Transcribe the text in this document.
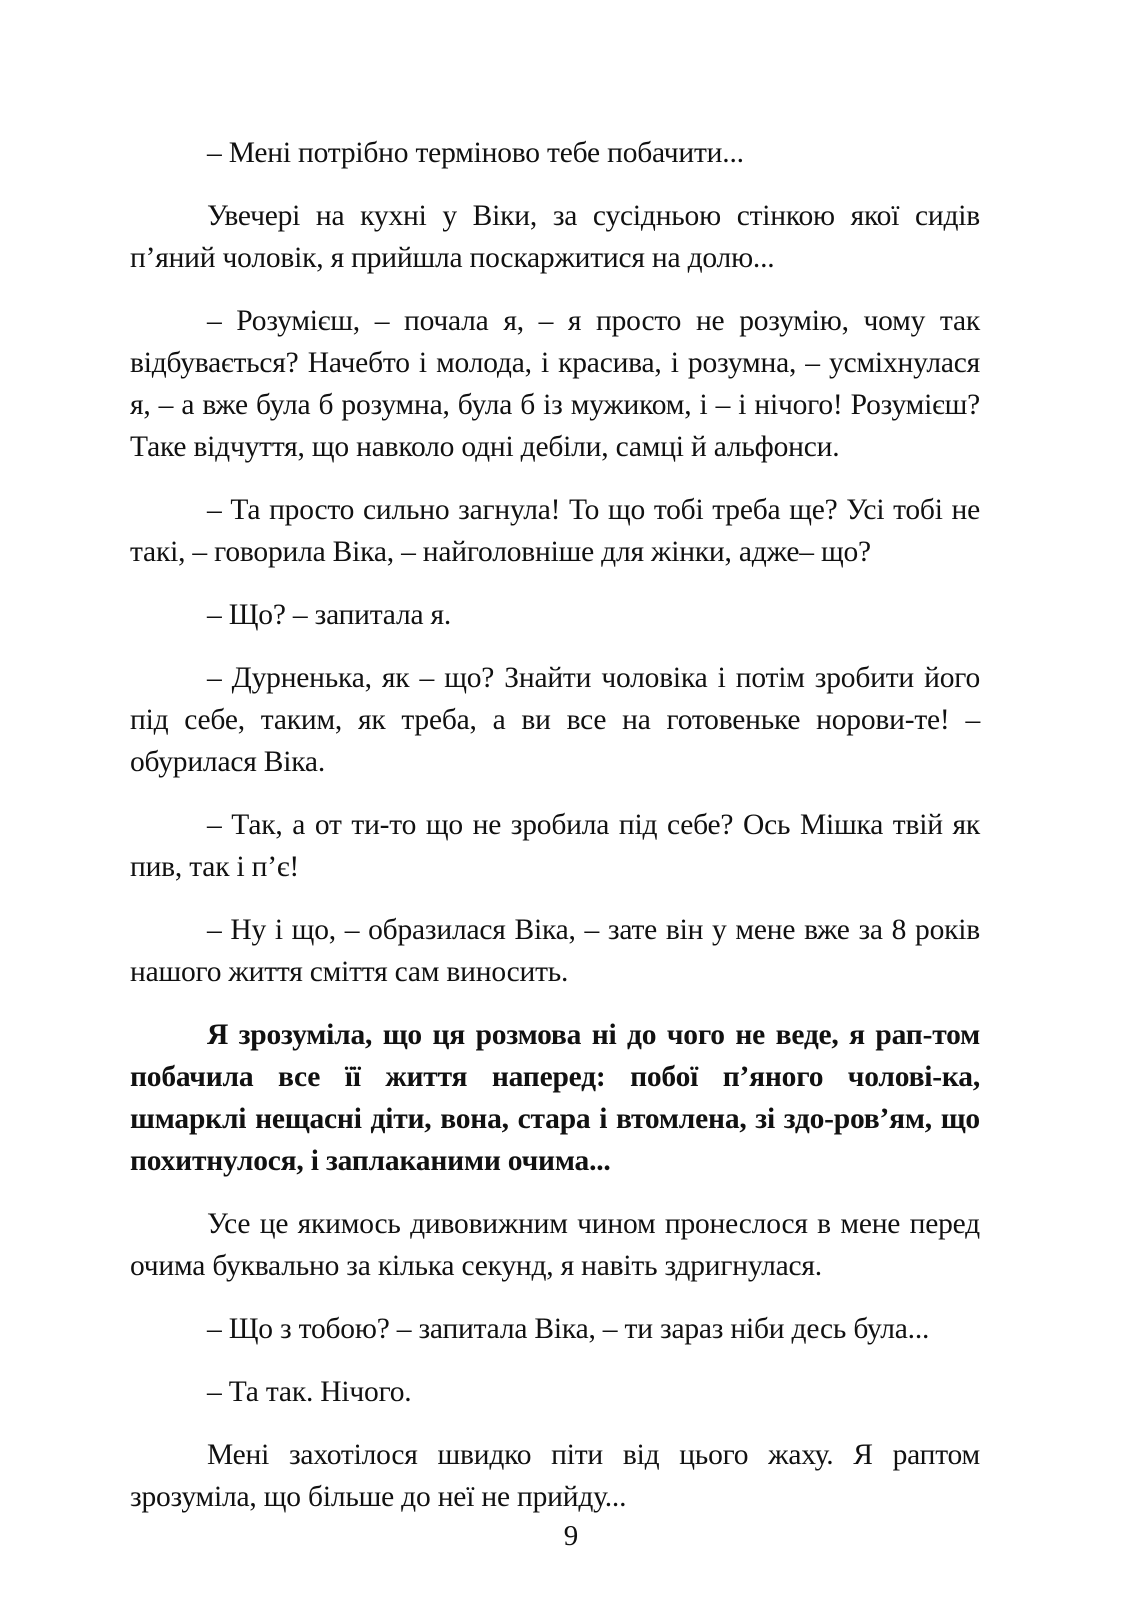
– Мені потрібно терміново тебе побачити...

Увечері на кухні у Віки, за сусідньою стінкою якої сидів п’яний чоловік, я прийшла поскаржитися на долю...

– Розумієш, – почала я, – я просто не розумію, чому так відбувається? Начебто і молода, і красива, і розумна, – усміхнулася я, – а вже була б розумна, була б із мужиком, і – і нічого! Розумієш? Таке відчуття, що навколо одні дебіли, самці й альфонси.

– Та просто сильно загнула! То що тобі треба ще? Усі тобі не такі, – говорила Віка, – найголовніше для жінки, адже– що?

– Що? – запитала я.

– Дурненька, як – що? Знайти чоловіка і потім зробити його під себе, таким, як треба, а ви все на готовеньке норови-те! – обурилася Віка.

– Так, а от ти-то що не зробила під себе? Ось Мішка твій як пив, так і п’є!

– Ну і що, – образилася Віка, – зате він у мене вже за 8 років нашого життя сміття сам виносить.

Я зрозуміла, що ця розмова ні до чого не веде, я рап-том побачила все її життя наперед: побої п’яного чолові-ка, шмарклі нещасні діти, вона, стара і втомлена, зі здо-ров’ям, що похитнулося, і заплаканими очима...

Усе це якимось дивовижним чином пронеслося в мене перед очима буквально за кілька секунд, я навіть здригнулася.

– Що з тобою? – запитала Віка, – ти зараз ніби десь була...

– Та так. Нічого.

Мені захотілося швидко піти від цього жаху. Я раптом зрозуміла, що більше до неї не прийду...

9
